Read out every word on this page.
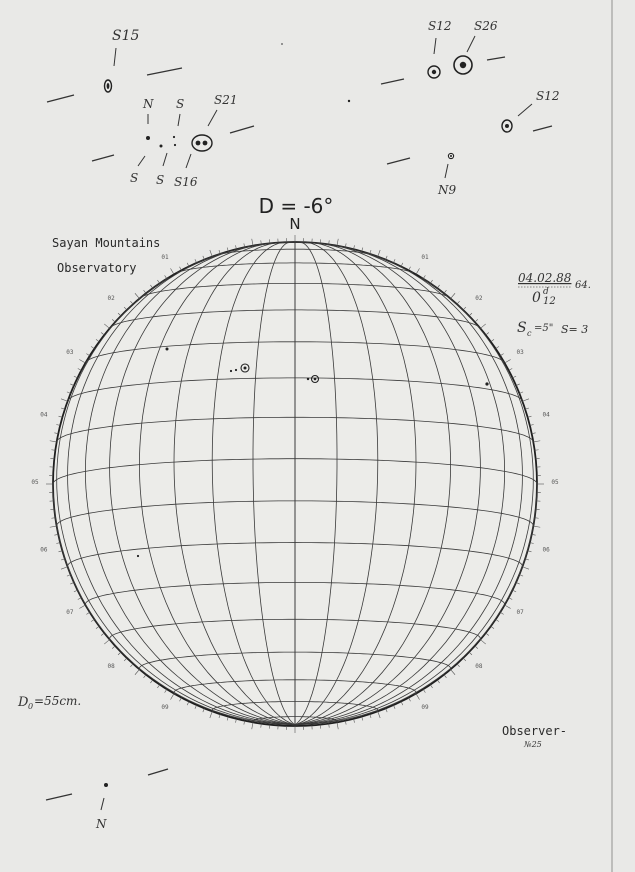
S15
N S S21
S S S16
S12 S26
S12
N9
D = -6°
N
Sayan Mountains
Observatory
04.02.88
64.
0 d
12
S c =5" S= 3
01	01
02	02
03	03
04	04
05	05
06	06
07	07
08	08
09	09
D 0 =55cm.
Observer-
№25
N
